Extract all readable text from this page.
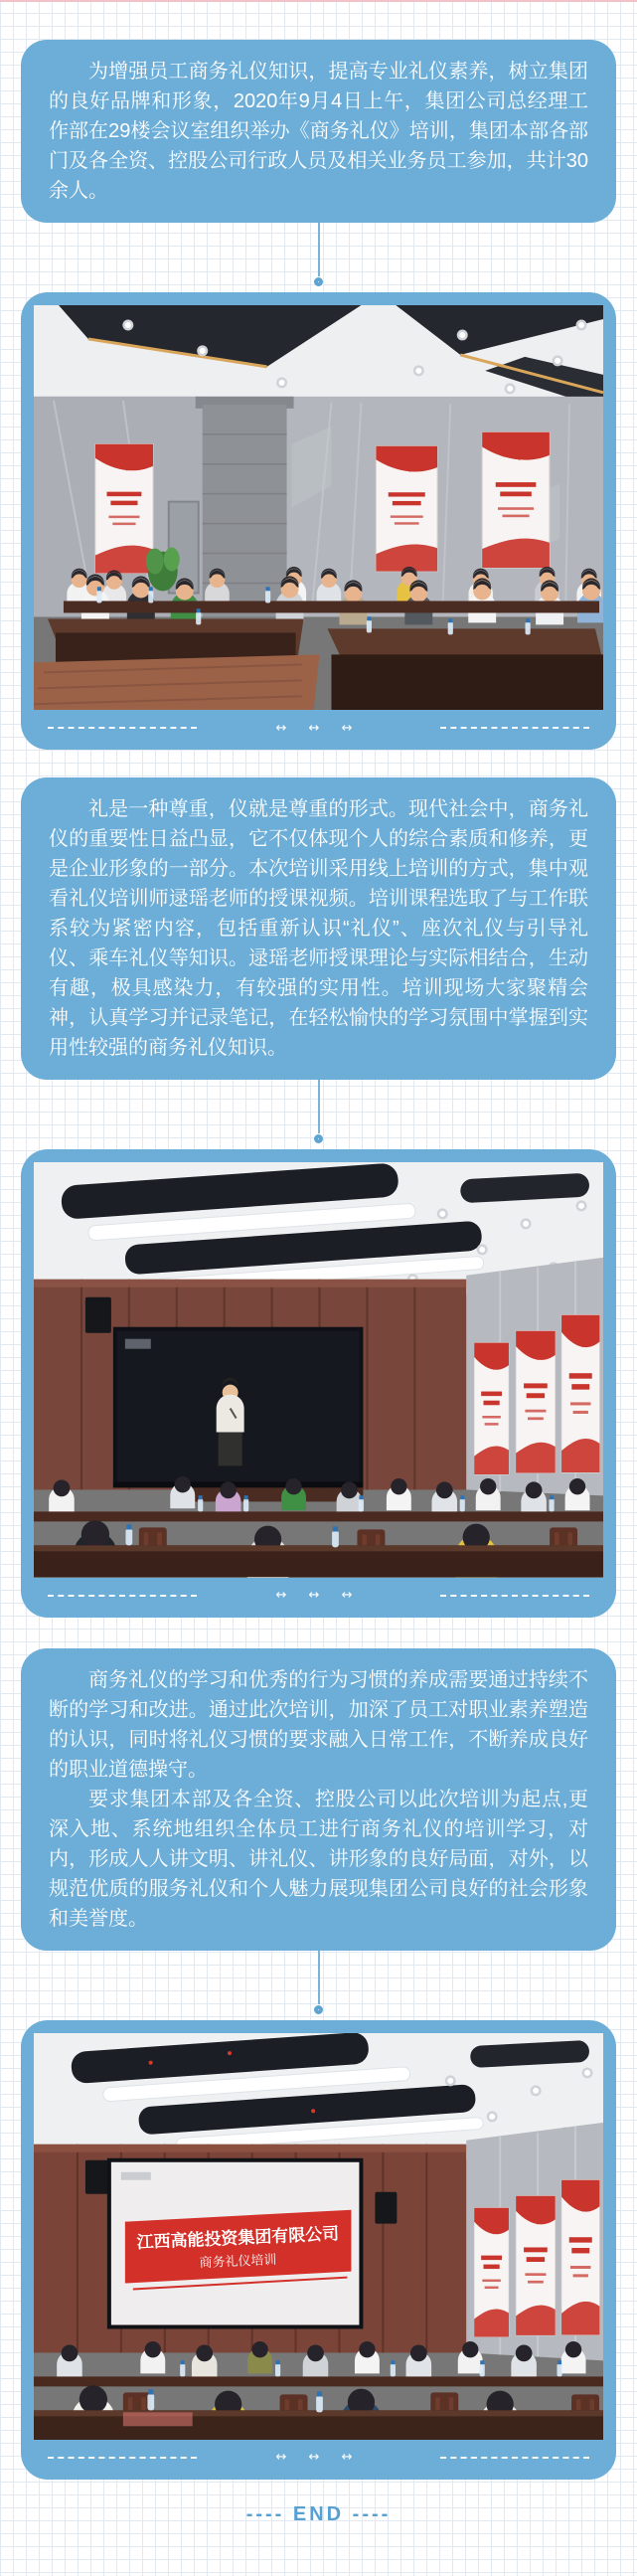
为增强员工商务礼仪知识，提高专业礼仪素养，树立集团的良好品牌和形象，2020年9月4日上午，集团公司总经理工作部在29楼会议室组织举办《商务礼仪》培训，集团本部各部门及各全资、控股公司行政人员及相关业务员工参加，共计30余人。

↔ ↔ ↔

礼是一种尊重，仪就是尊重的形式。现代社会中，商务礼仪的重要性日益凸显，它不仅体现个人的综合素质和修养，更是企业形象的一部分。本次培训采用线上培训的方式，集中观看礼仪培训师逯瑶老师的授课视频。培训课程选取了与工作联系较为紧密内容，包括重新认识“礼仪”、座次礼仪与引导礼仪、乘车礼仪等知识。逯瑶老师授课理论与实际相结合，生动有趣，极具感染力，有较强的实用性。培训现场大家聚精会神，认真学习并记录笔记，在轻松愉快的学习氛围中掌握到实用性较强的商务礼仪知识。

↔ ↔ ↔

商务礼仪的学习和优秀的行为习惯的养成需要通过持续不断的学习和改进。通过此次培训，加深了员工对职业素养塑造的认识，同时将礼仪习惯的要求融入日常工作，不断养成良好的职业道德操守。

要求集团本部及各全资、控股公司以此次培训为起点,更深入地、系统地组织全体员工进行商务礼仪的培训学习，对内，形成人人讲文明、讲礼仪、讲形象的良好局面，对外，以规范优质的服务礼仪和个人魅力展现集团公司良好的社会形象和美誉度。

江西高能投资集团有限公司
商务礼仪培训
↔ ↔ ↔
---- END ----
